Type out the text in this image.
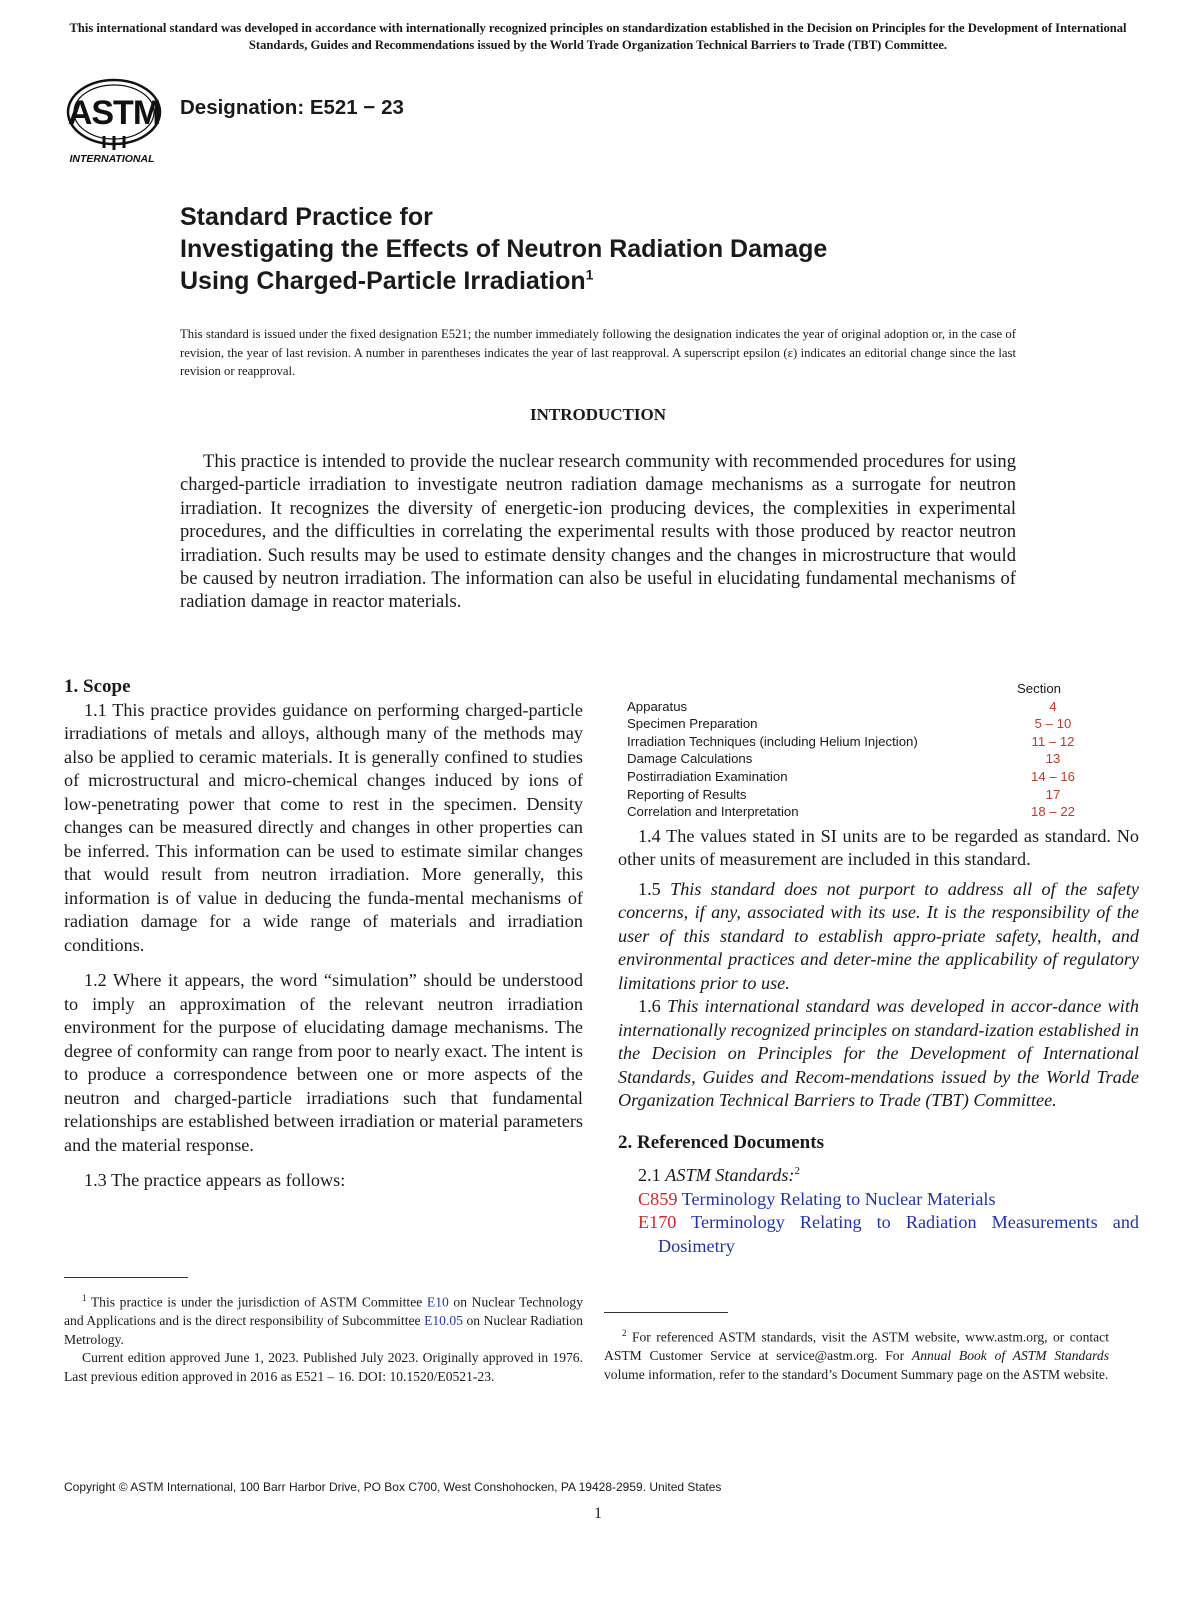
This international standard was developed in accordance with internationally recognized principles on standardization established in the Decision on Principles for the Development of International Standards, Guides and Recommendations issued by the World Trade Organization Technical Barriers to Trade (TBT) Committee.
ASTM
INTERNATIONAL
Designation: E521 − 23
Standard Practice for
Investigating the Effects of Neutron Radiation Damage
Using Charged-Particle Irradiation$^1$
This standard is issued under the fixed designation E521; the number immediately following the designation indicates the year of original adoption or, in the case of revision, the year of last revision. A number in parentheses indicates the year of last reapproval. A superscript epsilon (ε) indicates an editorial change since the last revision or reapproval.
INTRODUCTION
This practice is intended to provide the nuclear research community with recommended procedures for using charged-particle irradiation to investigate neutron radiation damage mechanisms as a surrogate for neutron irradiation. It recognizes the diversity of energetic-ion producing devices, the complexities in experimental procedures, and the difficulties in correlating the experimental results with those produced by reactor neutron irradiation. Such results may be used to estimate density changes and the changes in microstructure that would be caused by neutron irradiation. The information can also be useful in elucidating fundamental mechanisms of radiation damage in reactor materials.

1. Scope

1.1 This practice provides guidance on performing charged-particle irradiations of metals and alloys, although many of the methods may also be applied to ceramic materials. It is generally confined to studies of microstructural and micro-chemical changes induced by ions of low-penetrating power that come to rest in the specimen. Density changes can be measured directly and changes in other properties can be inferred. This information can be used to estimate similar changes that would result from neutron irradiation. More generally, this information is of value in deducing the funda-mental mechanisms of radiation damage for a wide range of materials and irradiation conditions.

1.2 Where it appears, the word “simulation” should be understood to imply an approximation of the relevant neutron irradiation environment for the purpose of elucidating damage mechanisms. The degree of conformity can range from poor to nearly exact. The intent is to produce a correspondence between one or more aspects of the neutron and charged-particle irradiations such that fundamental relationships are established between irradiation or material parameters and the material response.

1.3 The practice appears as follows:

Section
Apparatus	4
Specimen Preparation	5 – 10
Irradiation Techniques (including Helium Injection)	11 – 12
Damage Calculations	13
Postirradiation Examination	14 – 16
Reporting of Results	17
Correlation and Interpretation	18 – 22

1.4 The values stated in SI units are to be regarded as standard. No other units of measurement are included in this standard.

1.5 This standard does not purport to address all of the safety concerns, if any, associated with its use. It is the responsibility of the user of this standard to establish appro-priate safety, health, and environmental practices and deter-mine the applicability of regulatory limitations prior to use.

1.6 This international standard was developed in accor-dance with internationally recognized principles on standard-ization established in the Decision on Principles for the Development of International Standards, Guides and Recom-mendations issued by the World Trade Organization Technical Barriers to Trade (TBT) Committee.

2. Referenced Documents

2.1 ASTM Standards:$^2$

C859 Terminology Relating to Nuclear Materials

E170 Terminology Relating to Radiation Measurements and Dosimetry

$^1$ This practice is under the jurisdiction of ASTM Committee E10 on Nuclear Technology and Applications and is the direct responsibility of Subcommittee E10.05 on Nuclear Radiation Metrology.

Current edition approved June 1, 2023. Published July 2023. Originally approved in 1976. Last previous edition approved in 2016 as E521 – 16. DOI: 10.1520/E0521-23.

$^2$ For referenced ASTM standards, visit the ASTM website, www.astm.org, or contact ASTM Customer Service at service@astm.org. For Annual Book of ASTM Standards volume information, refer to the standard’s Document Summary page on the ASTM website.

Copyright © ASTM International, 100 Barr Harbor Drive, PO Box C700, West Conshohocken, PA 19428-2959. United States
1
